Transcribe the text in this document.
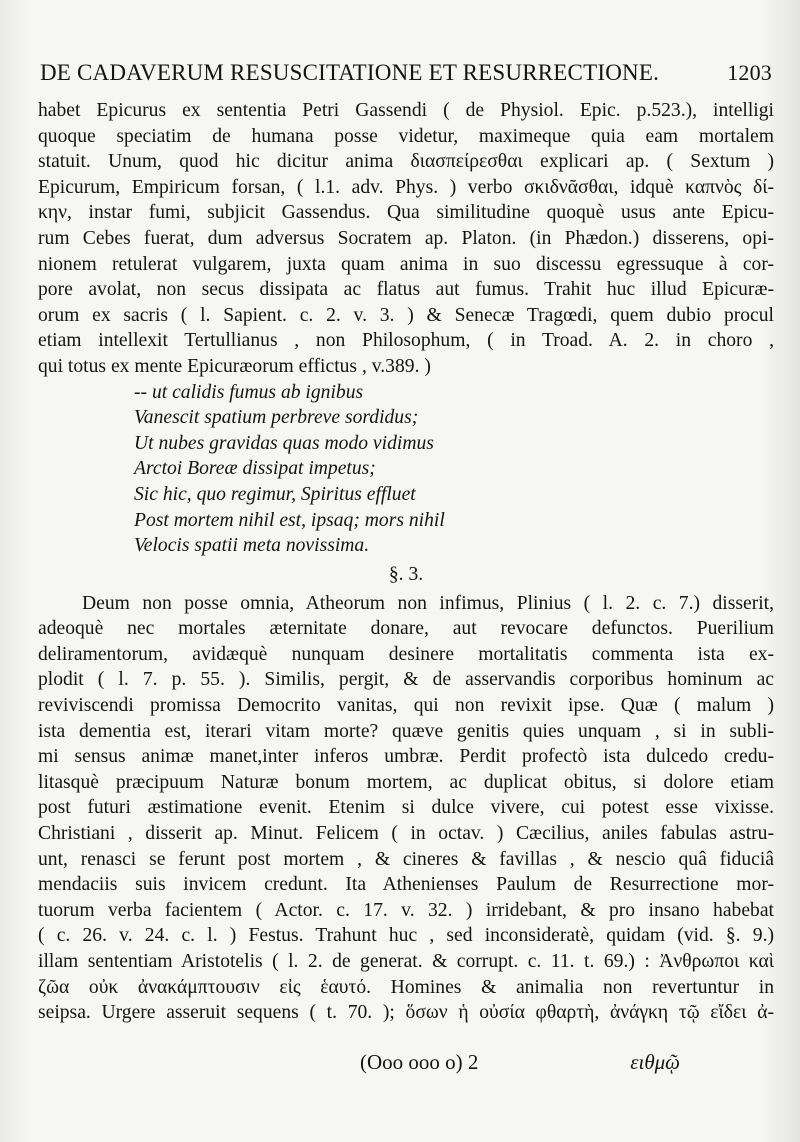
DE CADAVERUM RESUSCITATIONE ET RESURRECTIONE.	1203
habet Epicurus ex sententia Petri Gassendi ( de Physiol. Epic. p.523.), intelligi
quoque speciatim de humana posse videtur, maximeque quia eam mortalem
statuit. Unum, quod hic dicitur anima διασπείρεσθαι explicari ap. ( Sextum )
Epicurum, Empiricum forsan, ( l.1. adv. Phys. ) verbo σκιδνᾶσθαι, idquè καπνὸς δί-
κην, instar fumi, subjicit Gassendus. Qua similitudine quoquè usus ante Epicu-
rum Cebes fuerat, dum adversus Socratem ap. Platon. (in Phædon.) disserens, opi-
nionem retulerat vulgarem, juxta quam anima in suo discessu egressuque à cor-
pore avolat, non secus dissipata ac flatus aut fumus. Trahit huc illud Epicuræ-
orum ex sacris ( l. Sapient. c. 2. v. 3. ) & Senecæ Tragœdi, quem dubio procul
etiam intellexit Tertullianus , non Philosophum, ( in Troad. A. 2. in choro ,
qui totus ex mente Epicuræorum effictus , v.389. )
-- ut calidis fumus ab ignibus
Vanescit spatium perbreve sordidus;
Ut nubes gravidas quas modo vidimus
Arctoi Boreæ dissipat impetus;
Sic hic, quo regimur, Spiritus effluet
Post mortem nihil est, ipsaq; mors nihil
Velocis spatii meta novissima.
§. 3.
Deum non posse omnia, Atheorum non infimus, Plinius ( l. 2. c. 7.) disserit,
adeoquè nec mortales æternitate donare, aut revocare defunctos. Puerilium
deliramentorum, avidæquè nunquam desinere mortalitatis commenta ista ex-
plodit ( l. 7. p. 55. ). Similis, pergit, & de asservandis corporibus hominum ac
reviviscendi promissa Democrito vanitas, qui non revixit ipse. Quæ ( malum )
ista dementia est, iterari vitam morte? quæve genitis quies unquam , si in subli-
mi sensus animæ manet,inter inferos umbræ. Perdit profectò ista dulcedo credu-
litasquè præcipuum Naturæ bonum mortem, ac duplicat obitus, si dolore etiam
post futuri æstimatione evenit. Etenim si dulce vivere, cui potest esse vixisse.
Christiani , disserit ap. Minut. Felicem ( in octav. ) Cæcilius, aniles fabulas astru-
unt, renasci se ferunt post mortem , & cineres & favillas , & nescio quâ fiduciâ
mendaciis suis invicem credunt. Ita Athenienses Paulum de Resurrectione mor-
tuorum verba facientem ( Actor. c. 17. v. 32. ) irridebant, & pro insano habebat
( c. 26. v. 24. c. l. ) Festus. Trahunt huc , sed inconsideratè, quidam (vid. §. 9.)
illam sententiam Aristotelis ( l. 2. de generat. & corrupt. c. 11. t. 69.) : Ἀνθρωποι καὶ
ζῶα οὐκ ἀνακάμπτουσιν εἰς ἑαυτό. Homines & animalia non revertuntur in
seipsa. Urgere asseruit sequens ( t. 70. ); ὅσων ἡ οὐσία φθαρτὴ, ἀνάγκη τῷ εἴδει ἀ-
(Ooo ooo o) 2	ειθμῷ
